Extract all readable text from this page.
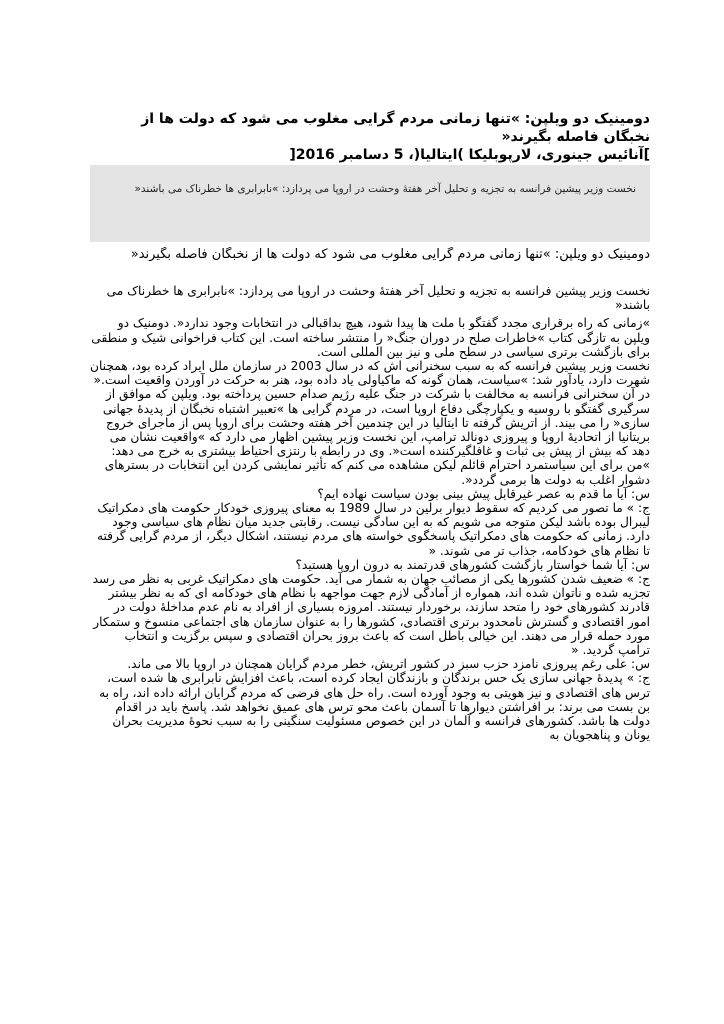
دومینیک دو ویلپن: »تنها زمانی مردم گرایی مغلوب می شود که دولت ها از نخبگان فاصله بگیرند«
]آنائیس جینوری، لارپوبلیکا )ایتالیا(، 5 دسامبر 2016[
نخست وزیر پیشین فرانسه به تجزیه و تحلیل آخر هفتهٔ وحشت در اروپا می پردازد: »نابرابری ها خطرناک می باشند«

دومینیک دو ویلپن: »تنها زمانی مردم گرایی مغلوب می شود که دولت ها از نخبگان فاصله بگیرند«

نخست وزیر پیشین فرانسه به تجزیه و تحلیل آخر هفتهٔ وحشت در اروپا می پردازد: »نابرابری ها خطرناک می باشند«

»زمانی که راه برقراری مجدد گفتگو با ملت ها پیدا شود، هیچ بداقبالی در انتخابات وجود ندارد«. دومنیک دو ویلپن به تازگی کتاب »خاطرات صلح در دوران جنگ« را منتشر ساخته است. این کتاب فراخوانی شیک و منطقی برای بازگشت برتری سیاسی در سطح ملی و نیز بین المللی است.

نخست وزیر پیشین فرانسه که به سبب سخنرانی اش که در سال 2003 در سازمان ملل ایراد کرده بود، همچنان شهرت دارد، یادآور شد: »سیاست، همان گونه که ماکیاولی یاد داده بود، هنر به حرکت در آوردن واقعیت است.« در آن سخنرانی فرانسه به مخالفت با شرکت در جنگ علیه رژیم صدام حسین پرداخته بود. ویلپن که موافق از سرگیری گفتگو با روسیه و یکپارچگی دفاع اروپا است، در مردم گرایی ها »تعبیر اشتباه نخبگان از پدیدهٔ جهانی سازی« را می بیند. از اتریش گرفته تا ایتالیا در این چندمین آخر هفته وحشت برای اروپا پس از ماجرای خروج بریتانیا از اتحادیهٔ اروپا و پیروزی دونالد ترامپ، این نخست وزیر پیشین اظهار می دارد که »واقعیت نشان می دهد که بیش از پیش بی ثبات و غافلگیرکننده است«. وی در رابطه با رنتزی احتیاط بیشتری به خرج می دهد: »من برای این سیاستمرد احترام قائلم لیکن مشاهده می کنم که تأثیر نمایشی کردن این انتخابات در بسترهای دشوار اغلب به دولت ها برمی گردد«.

س: آیا ما قدم به عصر غیرقابل پیش بینی بودن سیاست نهاده ایم؟

ج: » ما تصور می کردیم که سقوط دیوار برلین در سال 1989 به معنای پیروزی خودکار حکومت های دمکراتیک لیبرال بوده باشد لیکن متوجه می شویم که به این سادگی نیست. رقابتی جدید میان نظام های سیاسی وجود دارد. زمانی که حکومت های دمکراتیک پاسخگوی خواسته های مردم نیستند، اشکال دیگر، از مردم گرایی گرفته تا نظام های خودکامه، جذاب تر می شوند. «

س: آیا شما خواستار بازگشت کشورهای قدرتمند به درون اروپا هستید؟

ج: » ضعیف شدن کشورها یکی از مصائب جهان به شمار می آید. حکومت های دمکراتیک غربی به نظر می رسد تجزیه شده و ناتوان شده اند، همواره از آمادگی لازم جهت مواجهه با نظام های خودکامه ای که به نظر بیشتر قادرند کشورهای خود را متحد سازند، برخوردار نیستند. امروزه بسیاری از افراد به نام عدم مداخلهٔ دولت در امور اقتصادی و گسترش نامحدود برتری اقتصادی، کشورها را به عنوان سازمان های اجتماعی منسوخ و ستمکار مورد حمله قرار می دهند. این خیالی باطل است که باعث بروز بحران اقتصادی و سپس برگزیت و انتخاب ترامپ گردید. «

س: علی رغم پیروزی نامزد حزب سبز در کشور اتریش، خطر مردم گرایان همچنان در اروپا بالا می ماند.

ج: » پدیدهٔ جهانی سازی یک حس برندگان و بازندگان ایجاد کرده است، باعث افزایش نابرابری ها شده است، ترس های اقتصادی و نیز هویتی به وجود آورده است. راه حل های فرضی که مردم گرایان ارائه داده اند، راه به بن بست می برند: بر افراشتن دیوارها تا آسمان باعث محو ترس های عمیق نخواهد شد. پاسخ باید در اقدام دولت ها باشد. کشورهای فرانسه و آلمان در این خصوص مسئولیت سنگینی را به سبب نحوهٔ مدیریت بحران یونان و پناهجویان به
